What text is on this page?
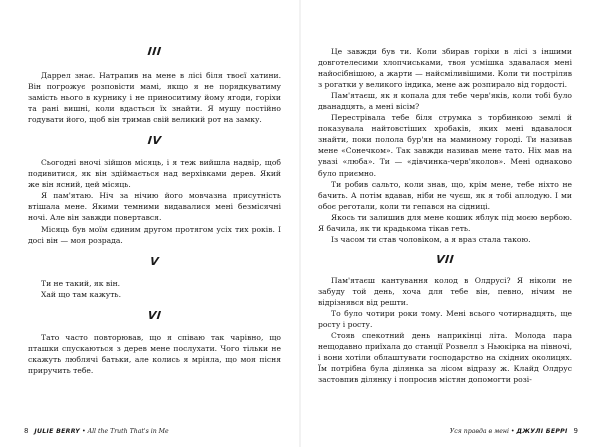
III

Даррел знає. Натрапив на мене в лісі біля твоєї хатини. Він погрожує розповісти мамі, якщо я не порядкуватиму замість нього в курнику і не приноситиму йому ягоди, горіхи та рані вишні, коли вдасться їх знайти. Я мушу постійно годувати його, щоб він тримав свій великий рот на замку.

IV

Сьогодні вночі зійшов місяць, і я теж вийшла надвір, щоб подивитися, як він здіймається над верхівками дерев. Який же він ясний, цей місяць.

Я пам'ятаю. Ніч за нічию його мовчазна присутність втішала мене. Якими темними видавалися мені безмісячні ночі. Але він завжди повертався.

Місяць був моїм єдиним другом протягом усіх тих років. І досі він — моя розрада.

V

Ти не такий, як він.

Хай що там кажуть.

VI

Тато часто повторював, що я співаю так чарівно, що пташки спускаються з дерев мене послухати. Чого тільки не скажуть люблячі батьки, але колись я мріяла, що моя пісня приручить тебе.

8 JULIE BERRY • All the Truth That's in Me

Це завжди був ти. Коли збирав горіхи в лісі з іншими довготелесими хлопчиськами, твоя усмішка здавалася мені найосібнішою, а жарти — найсміливішими. Коли ти постріляв з рогатки у великого індика, мене аж розпирало від гордості.

Пам'ятаєш, як я копала для тебе черв'яків, коли тобі було дванадцять, а мені вісім?

Перестрівала тебе біля струмка з торбинкою землі й показувала найтовстіших хробаків, яких мені вдавалося знайти, поки полола бур'ян на маминому городі. Ти називав мене «Сонечком». Так завжди називав мене тато. Ніх мав на увазі «люба». Ти — «дівчинка-черв'яколов». Мені однаково було приємно.

Ти робив сальто, коли знав, що, крім мене, тебе ніхто не бачить. А потім вдавав, ніби не чуєш, як я тобі аплодую. І ми обоє реготали, коли ти гепався на сідниці.

Якось ти залишив для мене кошик яблук під моєю вербою. Я бачила, як ти крадькома тікав геть.

Із часом ти став чоловіком, а я враз стала такою.

VII

Пам'ятаєш кантування колод в Олдрусі? Я ніколи не забуду той день, хоча для тебе він, певно, нічим не відрізнявся від решти.

То було чотири роки тому. Мені всього чотирнадцять, ще росту і росту.

Стояв спекотний день наприкінці літа. Молода пара нещодавно приїхала до станції Розвелл з Ньюкірка на півночі, і вони хотіли облаштувати господарство на східних околицях. Їм потрібна була ділянка за лісом відразу ж. Клайд Олдрус застовпив ділянку і попросив містян допомогти розі-

Уся правда в мені • ДЖУЛІ БЕРРІ 9
